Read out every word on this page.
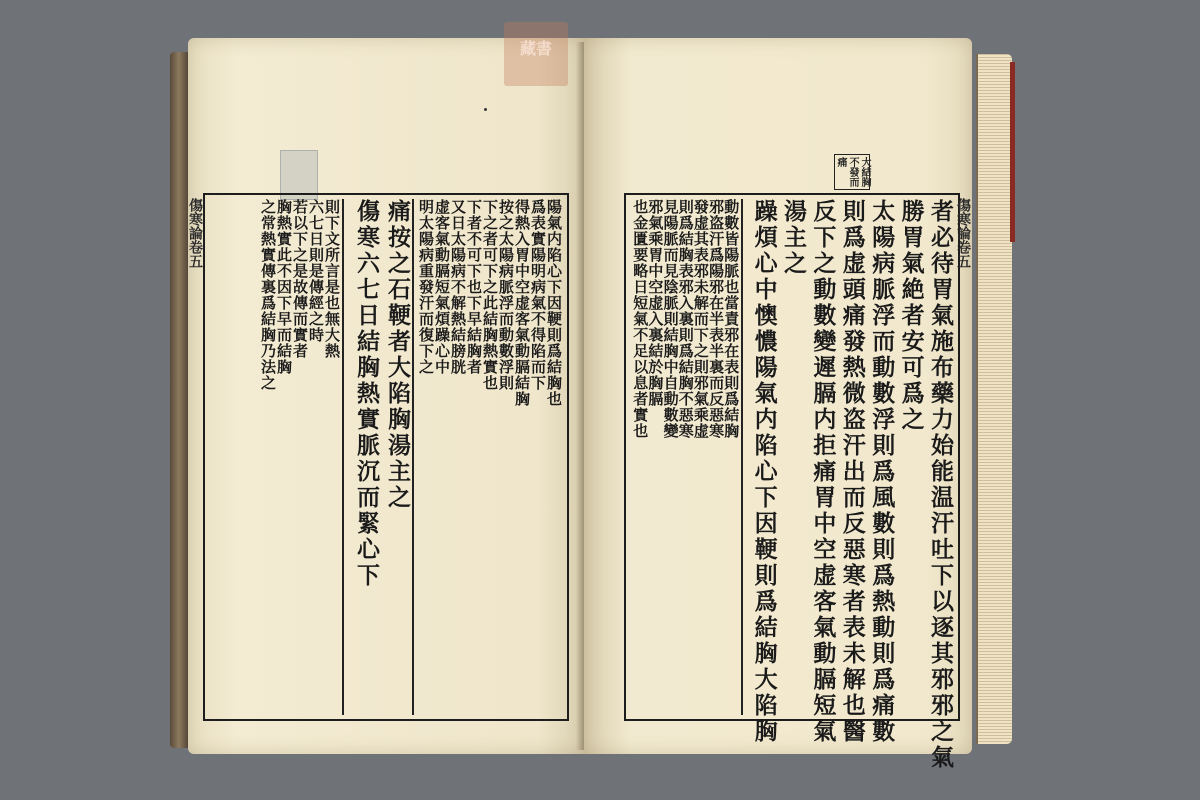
陽氣内陷心下因鞕則爲結胸也
爲表實陽明病氣不得陷而下
得熱入胃中空虚客氣動膈結胸
按之太陽病脈浮而動數浮則
下之者可下之此結胸熱實也
下者不可下也下早結胸者
又日太陽病不解熱結膀胱
虚客氣動膈短氣煩躁心中
明太陽病重發汗而復下之
痛按之石鞕者大陷胸湯主之
傷寒六七日結胸熱實脈沉而緊心下
則下文所言是也無大熱
六七日則是傳經之時
若以下之是故傳而實者
胸熱實此不因下早而結胸
之常熱實傳裏爲結胸乃法之
傷寒論卷五
大結胸
不發而
痛
者必待胃氣施布藥力始能温汗吐下以逐其邪邪之氣
勝胃氣絶者安可爲之
太陽病脈浮而動數浮則爲風數則爲熱動則爲痛數
則爲虚頭痛發熱微盗汗出而反惡寒者表未解也醫
反下之動數變遲膈内拒痛胃中空虚客氣動膈短氣
湯主之
躁煩心中懊憹陽氣内陷心下因鞕則爲結胸大陷胸
動數皆陽脈也當責邪在表則爲結胸
邪盗汗爲陽邪在半表半裏而反惡寒
發虚其表邪未解而下之則邪氣乘虚
則爲結胸表邪入裏則爲結胸不惡寒
見陽脈而見陰脈則結胸中自動數變
邪氣乘胃中空虚入裏結於胸膈
也金匱要略日短氣不足以息者實也	傷寒論卷五
藏書
